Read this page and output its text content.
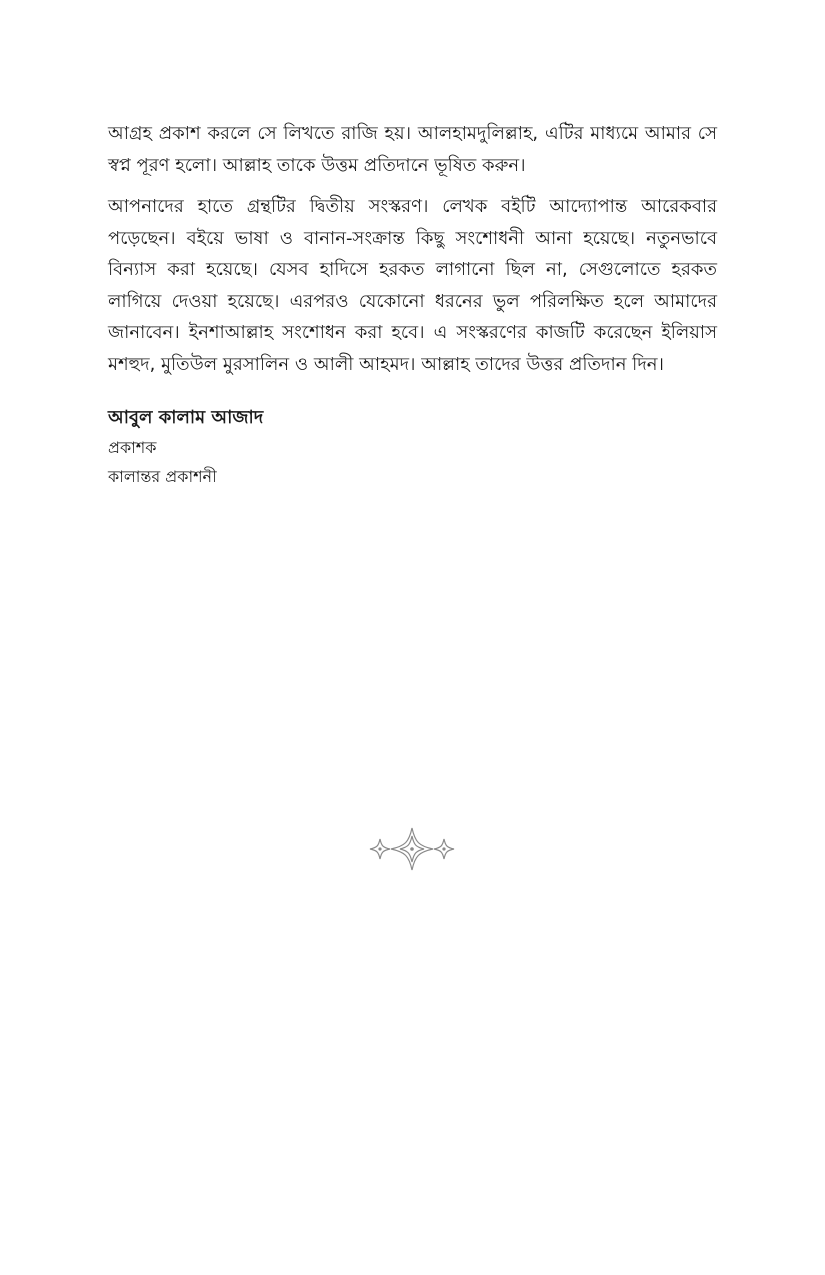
আগ্রহ প্রকাশ করলে সে লিখতে রাজি হয়। আলহামদুলিল্লাহ, এটির মাধ্যমে আমার সে স্বপ্ন পূরণ হলো। আল্লাহ তাকে উত্তম প্রতিদানে ভূষিত করুন।

আপনাদের হাতে গ্রন্থটির দ্বিতীয় সংস্করণ। লেখক বইটি আদ্যোপান্ত আরেকবার পড়েছেন। বইয়ে ভাষা ও বানান-সংক্রান্ত কিছু সংশোধনী আনা হয়েছে। নতুনভাবে বিন্যাস করা হয়েছে। যেসব হাদিসে হরকত লাগানো ছিল না, সেগুলোতে হরকত লাগিয়ে দেওয়া হয়েছে। এরপরও যেকোনো ধরনের ভুল পরিলক্ষিত হলে আমাদের জানাবেন। ইনশাআল্লাহ সংশোধন করা হবে। এ সংস্করণের কাজটি করেছেন ইলিয়াস মশহুদ, মুতিউল মুরসালিন ও আলী আহমদ। আল্লাহ তাদের উত্তর প্রতিদান দিন।

আবুল কালাম আজাদ

প্রকাশক

কালান্তর প্রকাশনী
